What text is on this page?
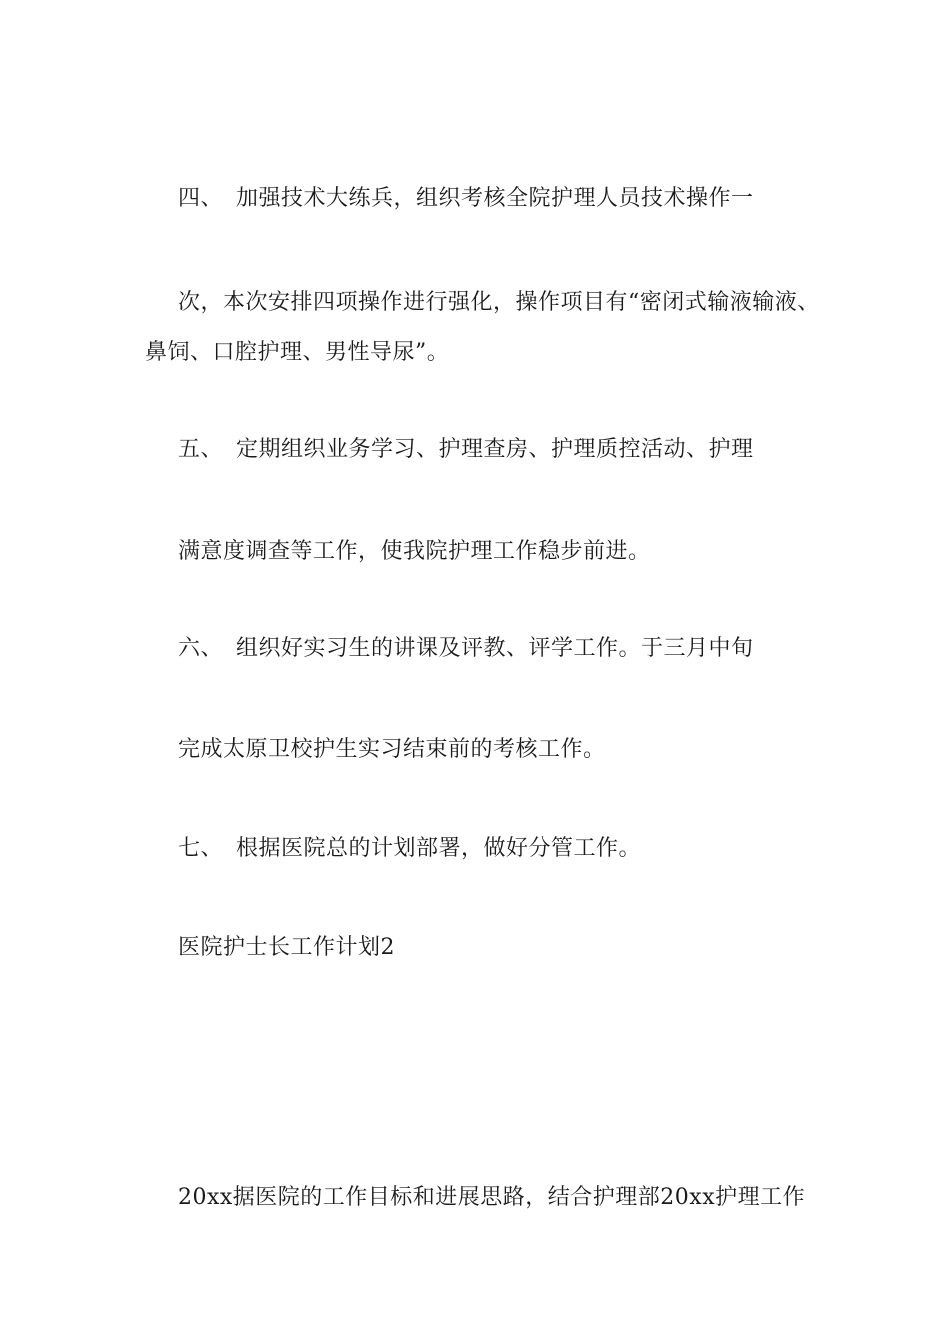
四、 加强技术大练兵，组织考核全院护理人员技术操作一
次，本次安排四项操作进行强化，操作项目有“密闭式输液输液、
鼻饲、口腔护理、男性导尿”。
五、 定期组织业务学习、护理查房、护理质控活动、护理
满意度调查等工作，使我院护理工作稳步前进。
六、 组织好实习生的讲课及评教、评学工作。于三月中旬
完成太原卫校护生实习结束前的考核工作。
七、 根据医院总的计划部署，做好分管工作。
医院护士长工作计划2
20xx据医院的工作目标和进展思路，结合护理部20xx护理工作
